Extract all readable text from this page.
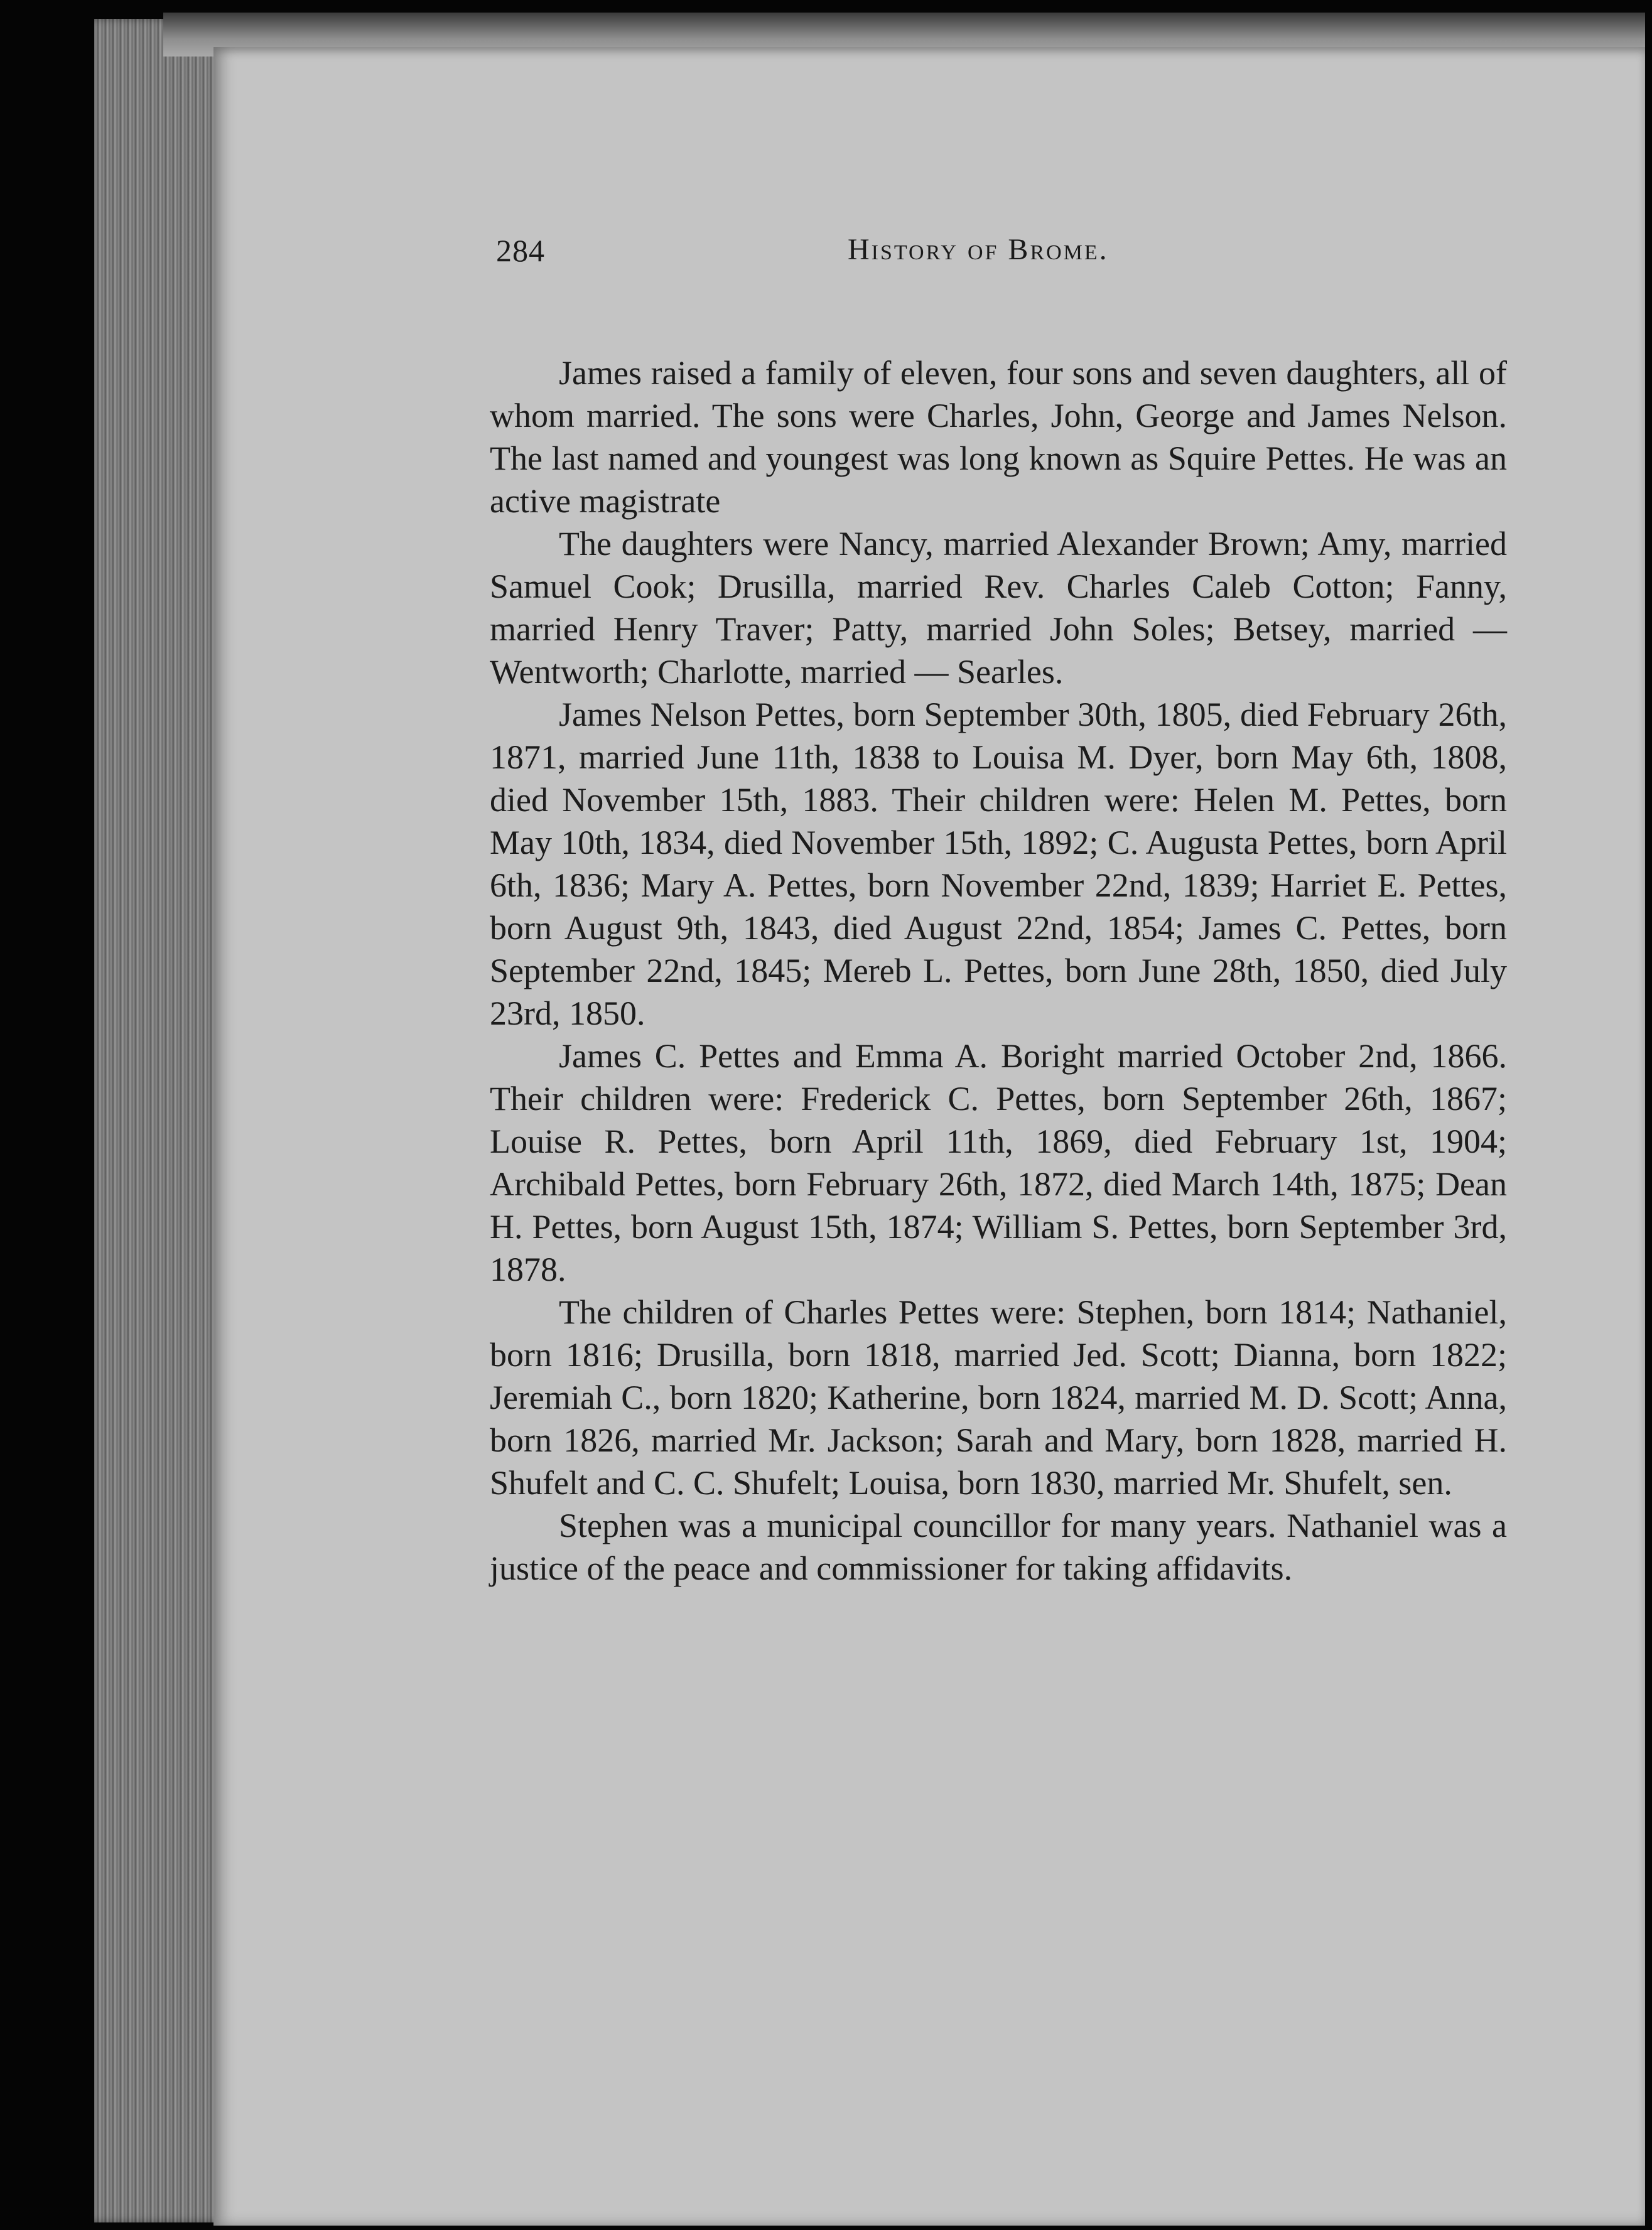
284	History of Brome.

James raised a family of eleven, four sons and seven daughters, all of whom married. The sons were Charles, John, George and James Nelson. The last named and youngest was long known as Squire Pettes. He was an active magistrate

The daughters were Nancy, married Alexander Brown; Amy, married Samuel Cook; Drusilla, married Rev. Charles Caleb Cotton; Fanny, married Henry Traver; Patty, married John Soles; Betsey, married — Wentworth; Charlotte, married — Searles.

James Nelson Pettes, born September 30th, 1805, died February 26th, 1871, married June 11th, 1838 to Louisa M. Dyer, born May 6th, 1808, died November 15th, 1883. Their children were: Helen M. Pettes, born May 10th, 1834, died November 15th, 1892; C. Augusta Pettes, born April 6th, 1836; Mary A. Pettes, born November 22nd, 1839; Harriet E. Pettes, born August 9th, 1843, died August 22nd, 1854; James C. Pettes, born September 22nd, 1845; Mereb L. Pettes, born June 28th, 1850, died July 23rd, 1850.

James C. Pettes and Emma A. Boright married October 2nd, 1866. Their children were: Frederick C. Pettes, born September 26th, 1867; Louise R. Pettes, born April 11th, 1869, died February 1st, 1904; Archibald Pettes, born February 26th, 1872, died March 14th, 1875; Dean H. Pettes, born August 15th, 1874; William S. Pettes, born September 3rd, 1878.

The children of Charles Pettes were: Stephen, born 1814; Nathaniel, born 1816; Drusilla, born 1818, married Jed. Scott; Dianna, born 1822; Jeremiah C., born 1820; Katherine, born 1824, married M. D. Scott; Anna, born 1826, married Mr. Jackson; Sarah and Mary, born 1828, married H. Shufelt and C. C. Shufelt; Louisa, born 1830, married Mr. Shufelt, sen.

Stephen was a municipal councillor for many years. Nathaniel was a justice of the peace and commissioner for taking affidavits.
